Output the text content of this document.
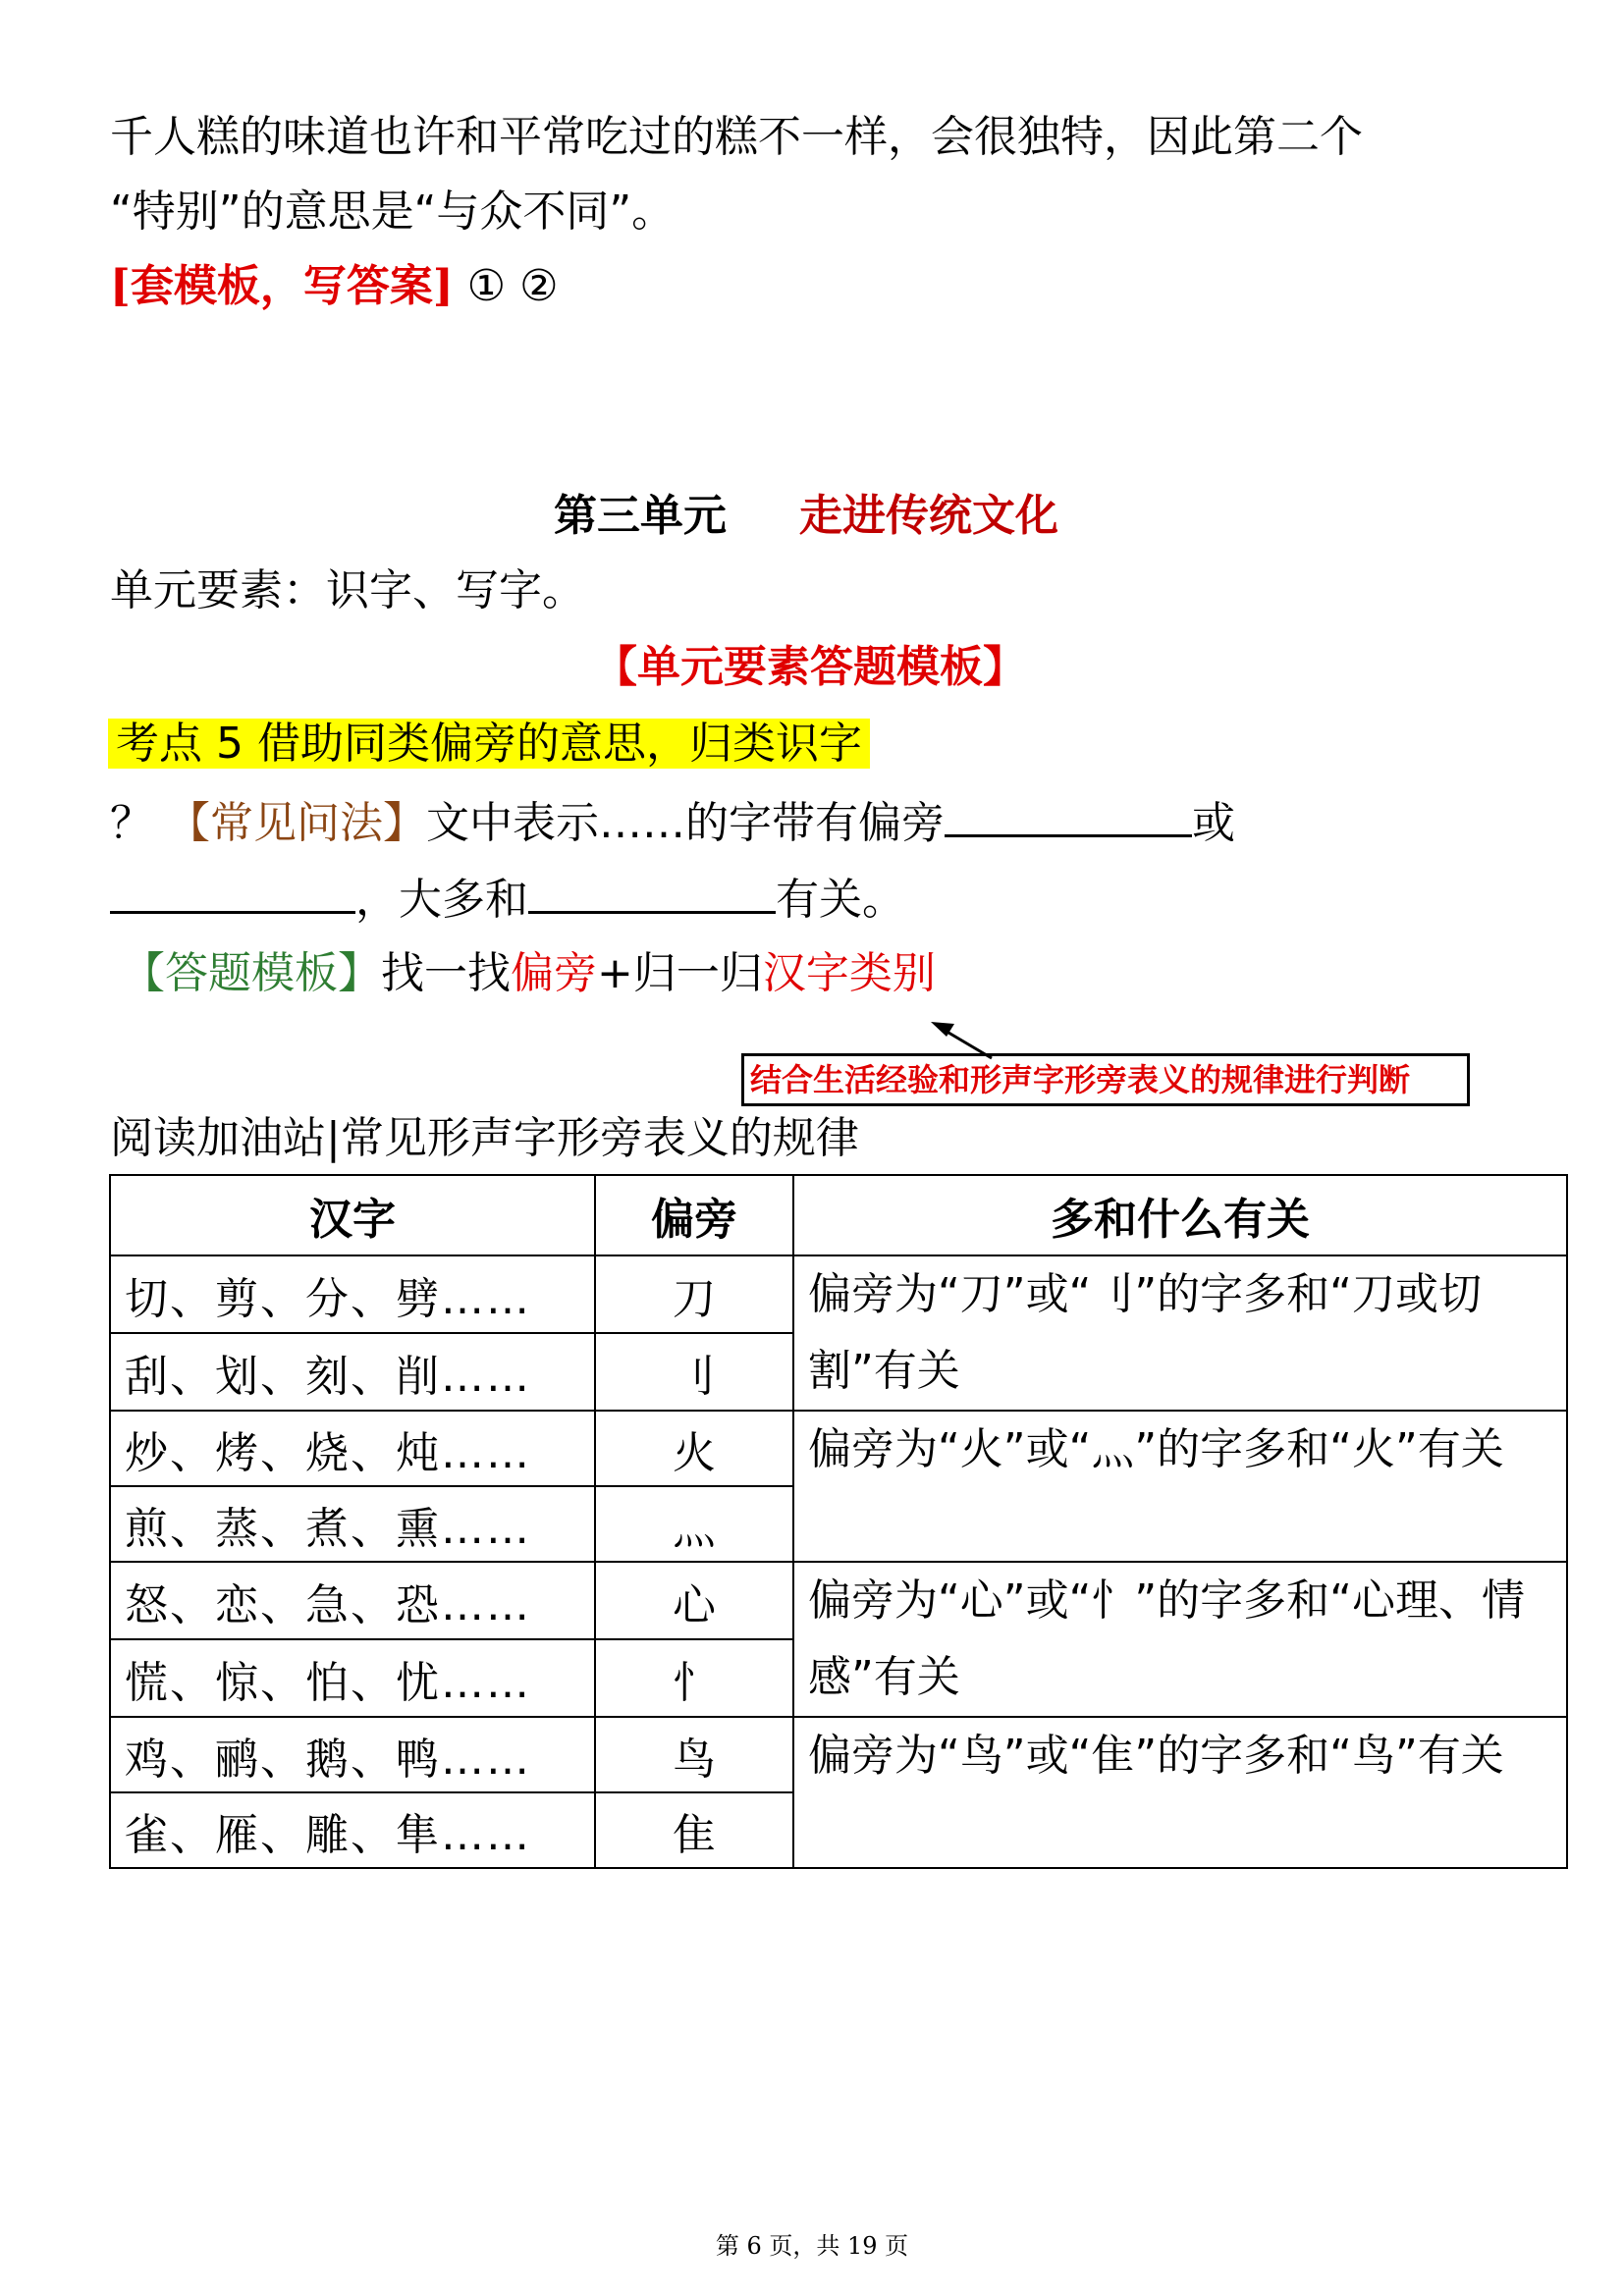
千人糕的味道也许和平常吃过的糕不一样，会很独特，因此第二个
“特别”的意思是“与众不同”。
[套模板，写答案] ① ②
第三单元 走进传统文化
单元要素：识字、写字。
【单元要素答题模板】
考点 5 借助同类偏旁的意思，归类识字
？ 【常见问法】文中表示……的字带有偏旁	或
，大多和	有关。
【答题模板】找一找偏旁+归一归汉字类别
结合生活经验和形声字形旁表义的规律进行判断
阅读加油站|常见形声字形旁表义的规律
汉字	偏旁	多和什么有关
切、剪、分、劈……	刀	偏旁为“刀”或“刂”的字多和“刀或切割”有关
刮、划、刻、削……	刂	
炒、烤、烧、炖……	火	偏旁为“火”或“灬”的字多和“火”有关
煎、蒸、煮、熏……	灬	
怒、恋、急、恐……	心	偏旁为“心”或“忄”的字多和“心理、情感”有关
慌、惊、怕、忧……	忄	
鸡、鹂、鹅、鸭……	鸟	偏旁为“鸟”或“隹”的字多和“鸟”有关
雀、雁、雕、隼……	隹	
第 6 页，共 19 页
